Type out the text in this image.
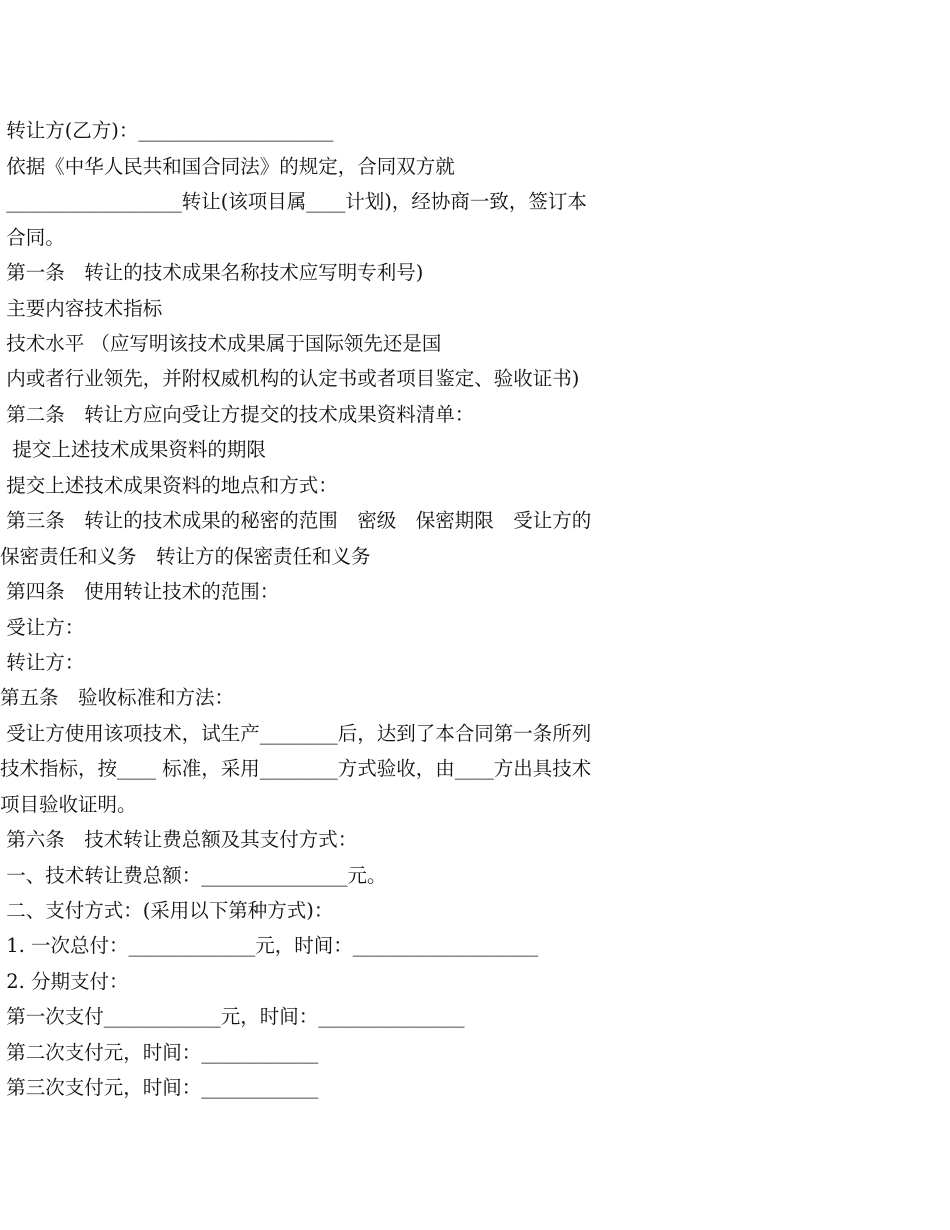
转让方(乙方)：____________________
依据《中华人民共和国合同法》的规定，合同双方就
__________________转让(该项目属____计划)，经协商一致，签订本
合同。
第一条　转让的技术成果名称技术应写明专利号)
主要内容技术指标
技术水平 （应写明该技术成果属于国际领先还是国
内或者行业领先，并附权威机构的认定书或者项目鉴定、验收证书)
第二条　转让方应向受让方提交的技术成果资料清单：
提交上述技术成果资料的期限
提交上述技术成果资料的地点和方式：
第三条　转让的技术成果的秘密的范围　密级　保密期限　受让方的
保密责任和义务　转让方的保密责任和义务
第四条　使用转让技术的范围：
受让方：
转让方：
第五条　验收标准和方法：
受让方使用该项技术，试生产________后，达到了本合同第一条所列
技术指标，按____ 标准，采用________方式验收，由____方出具技术
项目验收证明。
第六条　技术转让费总额及其支付方式：
一、技术转让费总额：_______________元。
二、支付方式：(采用以下第种方式)：
1. 一次总付：_____________元，时间：___________________
2. 分期支付：
第一次支付____________元，时间：_______________
第二次支付元，时间：____________
第三次支付元，时间：____________
